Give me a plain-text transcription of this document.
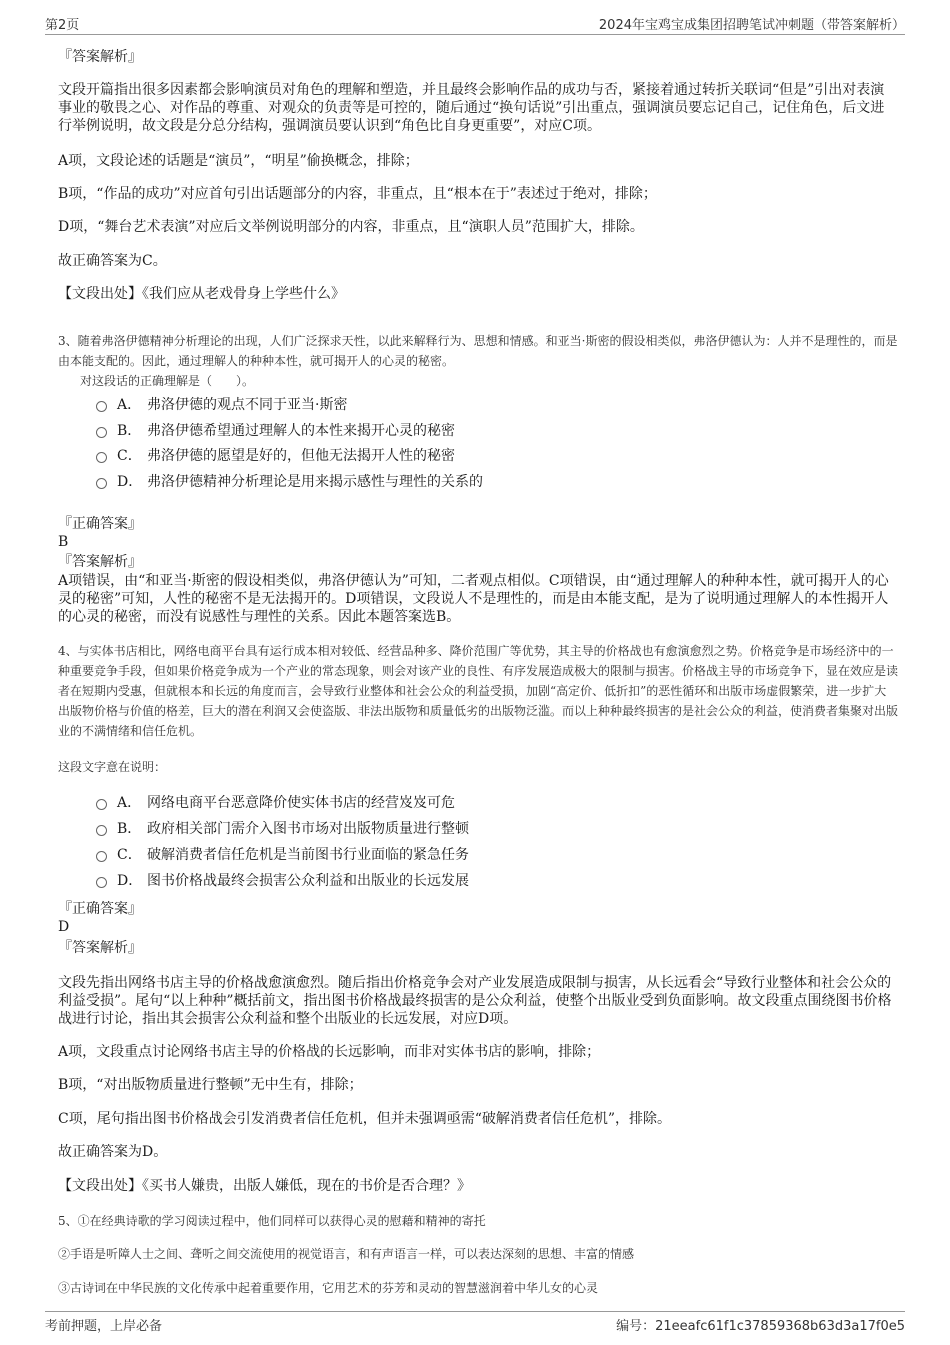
第2页	2024年宝鸡宝成集团招聘笔试冲刺题（带答案解析）
『答案解析』
文段开篇指出很多因素都会影响演员对角色的理解和塑造，并且最终会影响作品的成功与否，紧接着通过转折关联词“但是”引出对表演事业的敬畏之心、对作品的尊重、对观众的负责等是可控的，随后通过“换句话说”引出重点，强调演员要忘记自己，记住角色，后文进行举例说明，故文段是分总分结构，强调演员要认识到“角色比自身更重要”，对应C项。
A项，文段论述的话题是“演员”，“明星”偷换概念，排除；
B项，“作品的成功”对应首句引出话题部分的内容，非重点，且“根本在于”表述过于绝对，排除；
D项，“舞台艺术表演”对应后文举例说明部分的内容，非重点，且“演职人员”范围扩大，排除。
故正确答案为C。
【文段出处】《我们应从老戏骨身上学些什么》
3、随着弗洛伊德精神分析理论的出现，人们广泛探求天性，以此来解释行为、思想和情感。和亚当·斯密的假设相类似，弗洛伊德认为：人并不是理性的，而是由本能支配的。因此，通过理解人的种种本性，就可揭开人的心灵的秘密。
对这段话的正确理解是（　　）。
A． 弗洛伊德的观点不同于亚当·斯密
B． 弗洛伊德希望通过理解人的本性来揭开心灵的秘密
C． 弗洛伊德的愿望是好的，但他无法揭开人性的秘密
D． 弗洛伊德精神分析理论是用来揭示感性与理性的关系的
『正确答案』
B
『答案解析』
A项错误，由“和亚当·斯密的假设相类似，弗洛伊德认为”可知，二者观点相似。C项错误，由“通过理解人的种种本性，就可揭开人的心灵的秘密”可知，人性的秘密不是无法揭开的。D项错误，文段说人不是理性的，而是由本能支配，是为了说明通过理解人的本性揭开人的心灵的秘密，而没有说感性与理性的关系。因此本题答案选B。
4、与实体书店相比，网络电商平台具有运行成本相对较低、经营品种多、降价范围广等优势，其主导的价格战也有愈演愈烈之势。价格竞争是市场经济中的一种重要竞争手段，但如果价格竞争成为一个产业的常态现象，则会对该产业的良性、有序发展造成极大的限制与损害。价格战主导的市场竞争下，显在效应是读者在短期内受惠，但就根本和长远的角度而言，会导致行业整体和社会公众的利益受损，加剧“高定价、低折扣”的恶性循环和出版市场虚假繁荣，进一步扩大出版物价格与价值的格差，巨大的潜在利润又会使盗版、非法出版物和质量低劣的出版物泛滥。而以上种种最终损害的是社会公众的利益，使消费者集聚对出版业的不满情绪和信任危机。
这段文字意在说明：
A． 网络电商平台恶意降价使实体书店的经营岌岌可危
B． 政府相关部门需介入图书市场对出版物质量进行整顿
C． 破解消费者信任危机是当前图书行业面临的紧急任务
D． 图书价格战最终会损害公众利益和出版业的长远发展
『正确答案』
D
『答案解析』
文段先指出网络书店主导的价格战愈演愈烈。随后指出价格竞争会对产业发展造成限制与损害，从长远看会“导致行业整体和社会公众的利益受损”。尾句“以上种种”概括前文，指出图书价格战最终损害的是公众利益，使整个出版业受到负面影响。故文段重点围绕图书价格战进行讨论，指出其会损害公众利益和整个出版业的长远发展，对应D项。
A项，文段重点讨论网络书店主导的价格战的长远影响，而非对实体书店的影响，排除；
B项，“对出版物质量进行整顿”无中生有，排除；
C项，尾句指出图书价格战会引发消费者信任危机，但并未强调亟需“破解消费者信任危机”，排除。
故正确答案为D。
【文段出处】《买书人嫌贵，出版人嫌低，现在的书价是否合理？》
5、①在经典诗歌的学习阅读过程中，他们同样可以获得心灵的慰藉和精神的寄托
②手语是听障人士之间、聋听之间交流使用的视觉语言，和有声语言一样，可以表达深刻的思想、丰富的情感
③古诗词在中华民族的文化传承中起着重要作用，它用艺术的芬芳和灵动的智慧滋润着中华儿女的心灵
考前押题，上岸必备	编号：21eeafc61f1c37859368b63d3a17f0e5
